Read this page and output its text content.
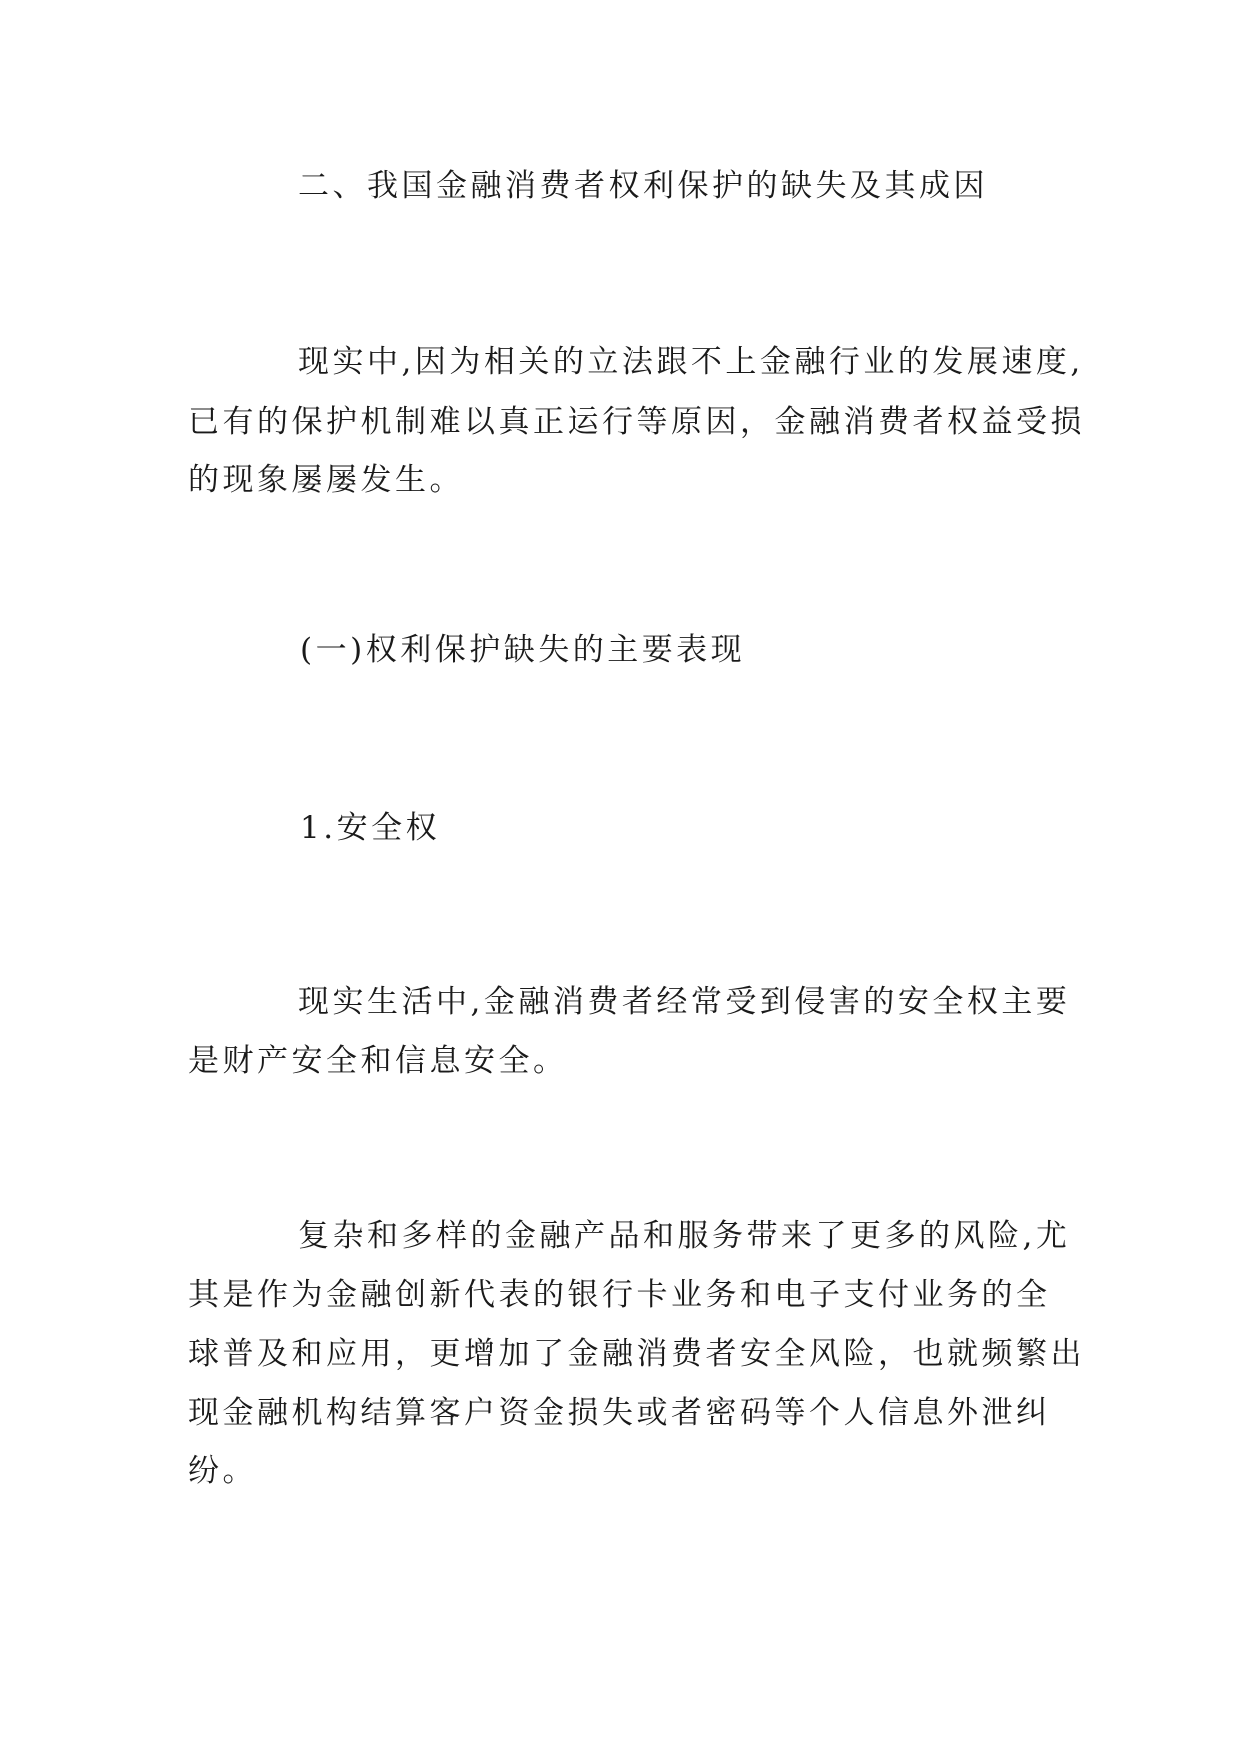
二、我国金融消费者权利保护的缺失及其成因
现实中,因为相关的立法跟不上金融行业的发展速度,
已有的保护机制难以真正运行等原因，金融消费者权益受损
的现象屡屡发生。
(一)权利保护缺失的主要表现
1.安全权
现实生活中,金融消费者经常受到侵害的安全权主要
是财产安全和信息安全。
复杂和多样的金融产品和服务带来了更多的风险,尤
其是作为金融创新代表的银行卡业务和电子支付业务的全
球普及和应用，更增加了金融消费者安全风险，也就频繁出
现金融机构结算客户资金损失或者密码等个人信息外泄纠
纷。
